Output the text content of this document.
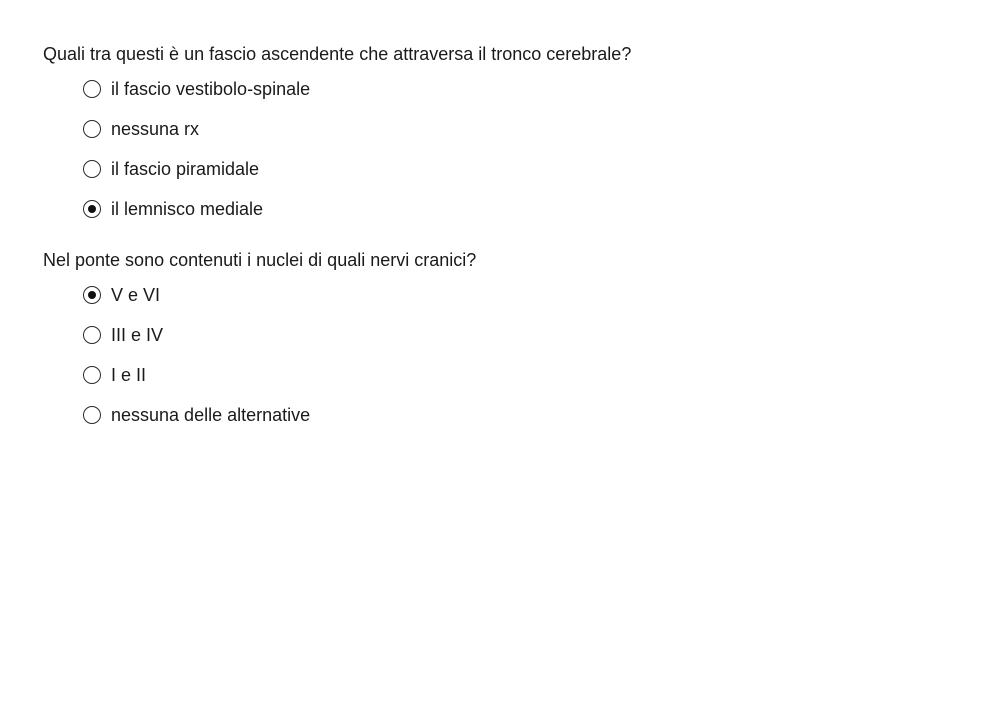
Quali tra questi è un fascio ascendente che attraversa il tronco cerebrale?
il fascio vestibolo-spinale
nessuna rx
il fascio piramidale
il lemnisco mediale
Nel ponte sono contenuti i nuclei di quali nervi cranici?
V e VI
III e IV
I e II
nessuna delle alternative
